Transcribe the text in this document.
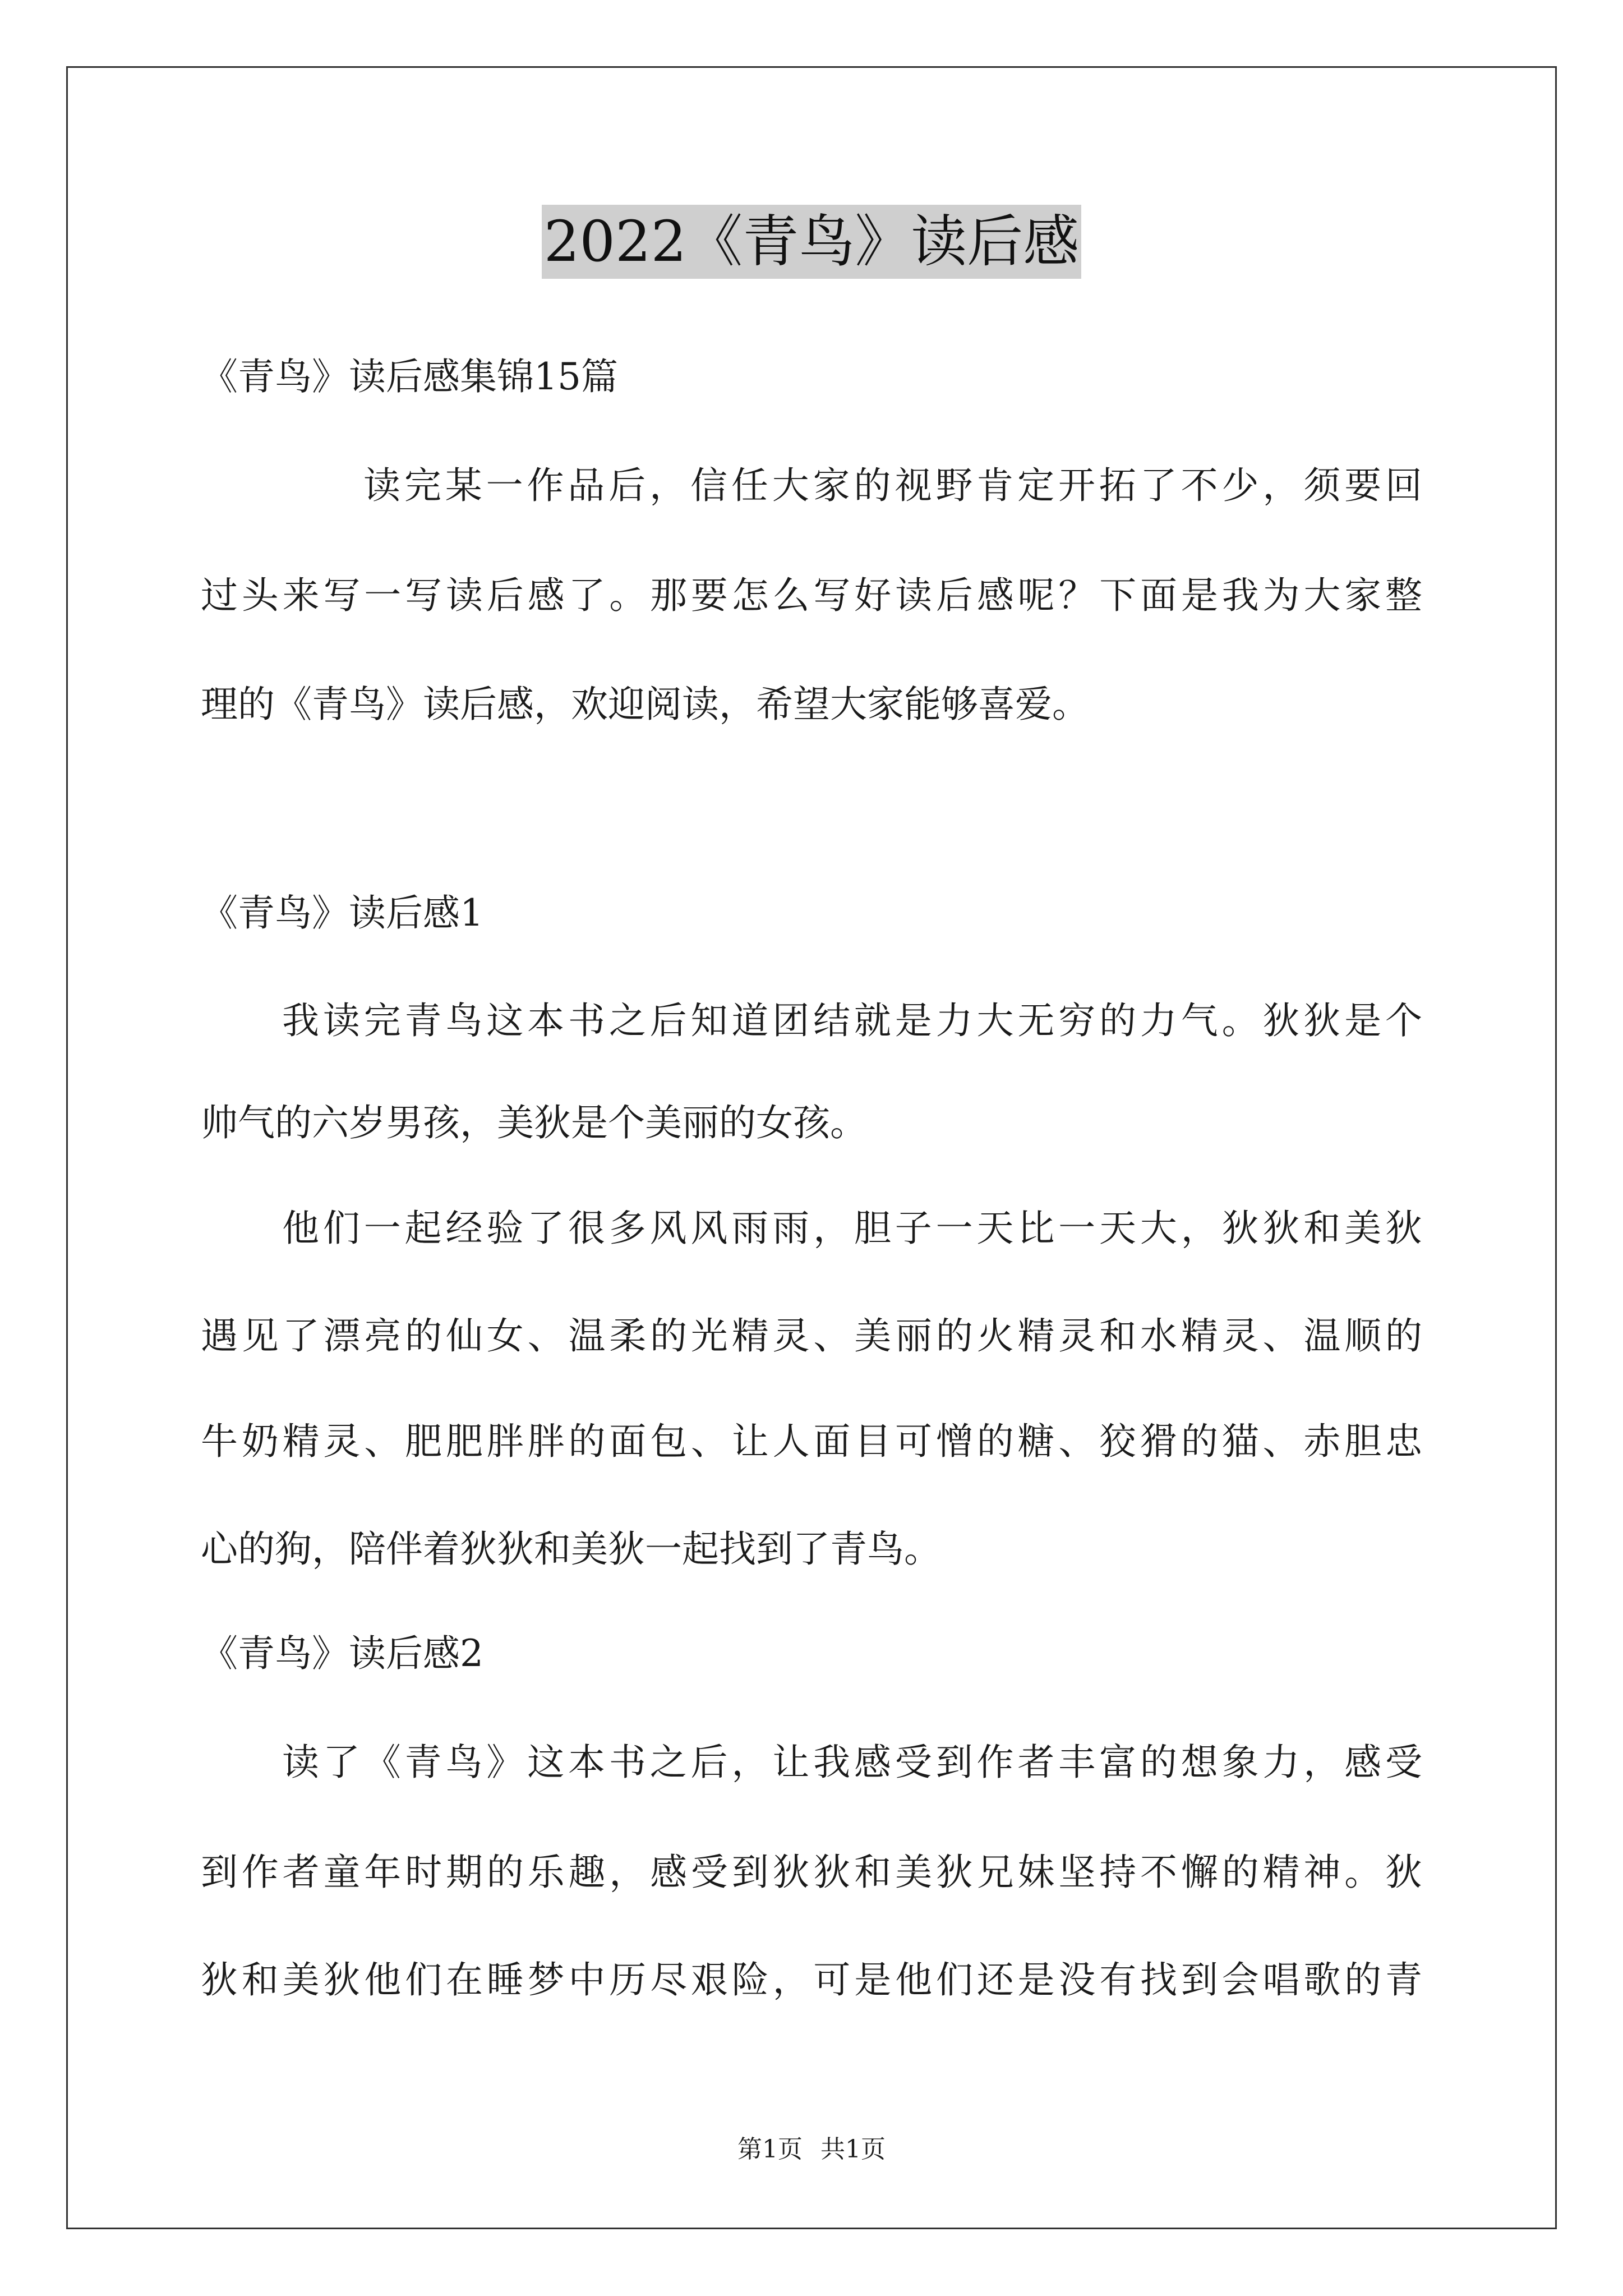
2022《青鸟》读后感
《青鸟》读后感集锦15篇
读完某一作品后，信任大家的视野肯定开拓了不少，须要回
过头来写一写读后感了。那要怎么写好读后感呢？下面是我为大家整
理的《青鸟》读后感，欢迎阅读，希望大家能够喜爱。
《青鸟》读后感1
我读完青鸟这本书之后知道团结就是力大无穷的力气。狄狄是个
帅气的六岁男孩，美狄是个美丽的女孩。
他们一起经验了很多风风雨雨，胆子一天比一天大，狄狄和美狄
遇见了漂亮的仙女、温柔的光精灵、美丽的火精灵和水精灵、温顺的
牛奶精灵、肥肥胖胖的面包、让人面目可憎的糖、狡猾的猫、赤胆忠
心的狗，陪伴着狄狄和美狄一起找到了青鸟。
《青鸟》读后感2
读了《青鸟》这本书之后，让我感受到作者丰富的想象力，感受
到作者童年时期的乐趣，感受到狄狄和美狄兄妹坚持不懈的精神。狄
狄和美狄他们在睡梦中历尽艰险，可是他们还是没有找到会唱歌的青
第1页 共1页
